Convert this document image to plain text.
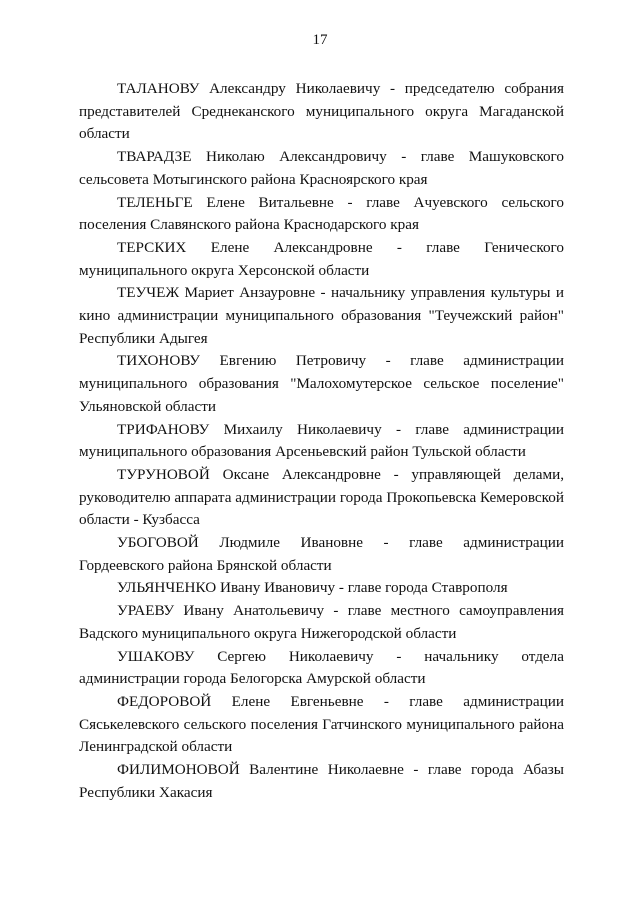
17

ТАЛАНОВУ Александру Николаевичу - председателю собрания представителей Среднеканского муниципального округа Магаданской области

ТВАРАДЗЕ Николаю Александровичу - главе Машуковского сельсовета Мотыгинского района Красноярского края

ТЕЛЕНЬГЕ Елене Витальевне - главе Ачуевского сельского поселения Славянского района Краснодарского края

ТЕРСКИХ Елене Александровне - главе Генического муниципального округа Херсонской области

ТЕУЧЕЖ Мариет Анзауровне - начальнику управления культуры и кино администрации муниципального образования "Теучежский район" Республики Адыгея

ТИХОНОВУ Евгению Петровичу - главе администрации муниципального образования "Малохомутерское сельское поселение" Ульяновской области

ТРИФАНОВУ Михаилу Николаевичу - главе администрации муниципального образования Арсеньевский район Тульской области

ТУРУНОВОЙ Оксане Александровне - управляющей делами, руководителю аппарата администрации города Прокопьевска Кемеровской области - Кузбасса

УБОГОВОЙ Людмиле Ивановне - главе администрации Гордеевского района Брянской области

УЛЬЯНЧЕНКО Ивану Ивановичу - главе города Ставрополя

УРАЕВУ Ивану Анатольевичу - главе местного самоуправления Вадского муниципального округа Нижегородской области

УШАКОВУ Сергею Николаевичу - начальнику отдела администрации города Белогорска Амурской области

ФЕДОРОВОЙ Елене Евгеньевне - главе администрации Сяськелевского сельского поселения Гатчинского муниципального района Ленинградской области

ФИЛИМОНОВОЙ Валентине Николаевне - главе города Абазы Республики Хакасия
